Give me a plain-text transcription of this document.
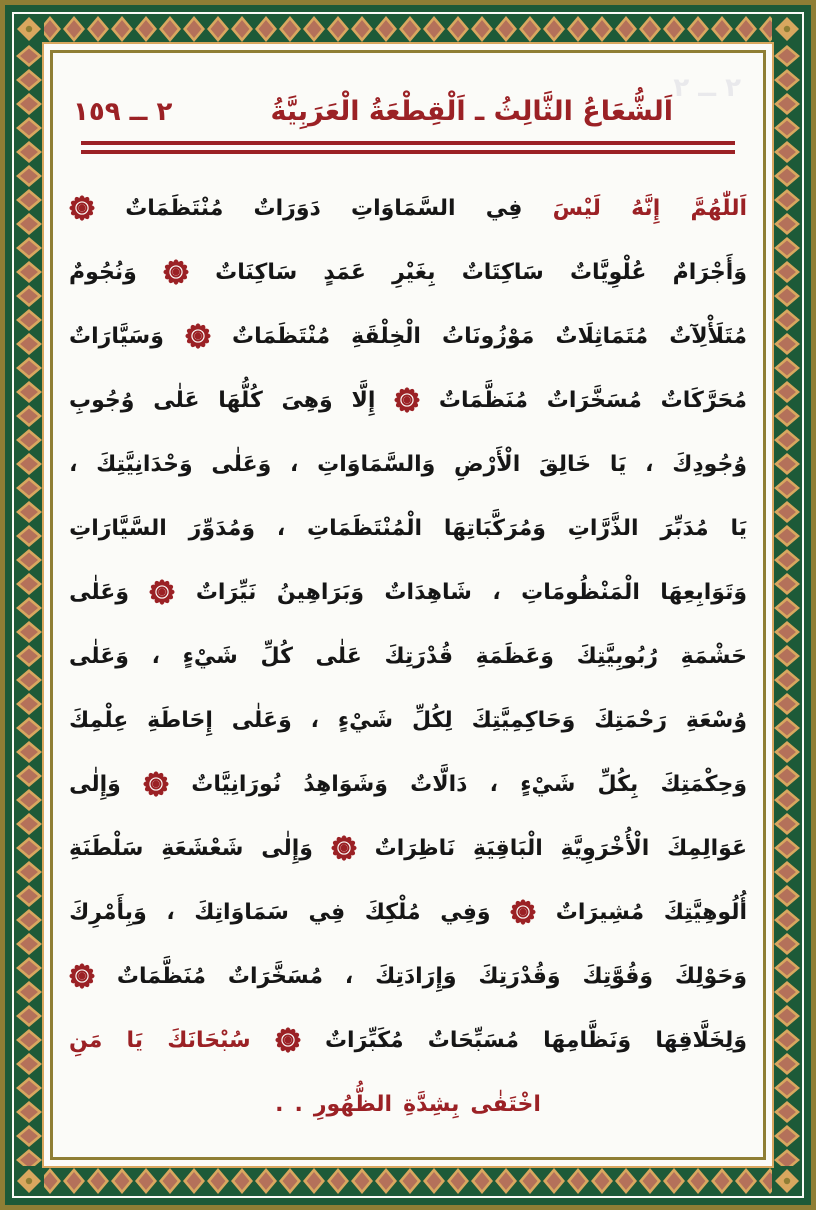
٢ ــ ٢
اَلشُّعَاعُ الثَّالِثُ ـ اَلْقِطْعَةُ الْعَرَبِيَّةُ
٢ ــ ١٥٩
اَللّٰهُمَّ
إِنَّهُ
لَيْسَ
فِي
السَّمَاوَاتِ
دَوَرَاتٌ
مُنْتَظَمَاتٌ
وَأَجْرَامٌ
عُلْوِيَّاتٌ
سَاكِتَاتٌ
بِغَيْرِ
عَمَدٍ
سَاكِنَاتٌ
وَنُجُومٌ
مُتَلَأْلِآتٌ
مُتَمَاثِلَاتٌ
مَوْزُونَاتُ
الْخِلْقَةِ
مُنْتَظَمَاتٌ
وَسَيَّارَاتٌ
مُحَرَّكَاتٌ
مُسَخَّرَاتٌ
مُنَظَّمَاتٌ
إِلَّا
وَهِىَ
كُلُّهَا
عَلٰى
وُجُوبِ
وُجُودِكَ
،
يَا
خَالِقَ
الْأَرْضِ
وَالسَّمَاوَاتِ
،
وَعَلٰى
وَحْدَانِيَّتِكَ
،
يَا
مُدَبِّرَ
الذَّرَّاتِ
وَمُرَكَّبَاتِهَا
الْمُنْتَظَمَاتِ
،
وَمُدَوِّرَ
السَّيَّارَاتِ
وَتَوَابِعِهَا
الْمَنْظُومَاتِ
،
شَاهِدَاتٌ
وَبَرَاهِينُ
نَيِّرَاتٌ
وَعَلٰى
حَشْمَةِ
رُبُوبِيَّتِكَ
وَعَظَمَةِ
قُدْرَتِكَ
عَلٰى
كُلِّ
شَيْءٍ
،
وَعَلٰى
وُسْعَةِ
رَحْمَتِكَ
وَحَاكِمِيَّتِكَ
لِكُلِّ
شَيْءٍ
،
وَعَلٰى
إِحَاطَةِ
عِلْمِكَ
وَحِكْمَتِكَ
بِكُلِّ
شَيْءٍ
،
دَالَّاتٌ
وَشَوَاهِدُ
نُورَانِيَّاتٌ
وَإِلٰى
عَوَالِمِكَ
الْأُخْرَوِيَّةِ
الْبَاقِيَةِ
نَاظِرَاتٌ
وَإِلٰى
شَعْشَعَةِ
سَلْطَنَةِ
أُلُوهِيَّتِكَ
مُشِيرَاتٌ
وَفِي
مُلْكِكَ
فِي
سَمَاوَاتِكَ
،
وَبِأَمْرِكَ
وَحَوْلِكَ
وَقُوَّتِكَ
وَقُدْرَتِكَ
وَإِرَادَتِكَ
،
مُسَخَّرَاتٌ
مُنَظَّمَاتٌ
وَلِخَلَّاقِهَا
وَنَظَّامِهَا
مُسَبِّحَاتٌ
مُكَبِّرَاتٌ
سُبْحَانَكَ
يَا
مَنِ
اخْتَفٰى
بِشِدَّةِ
الظُّهُورِ
.
.
